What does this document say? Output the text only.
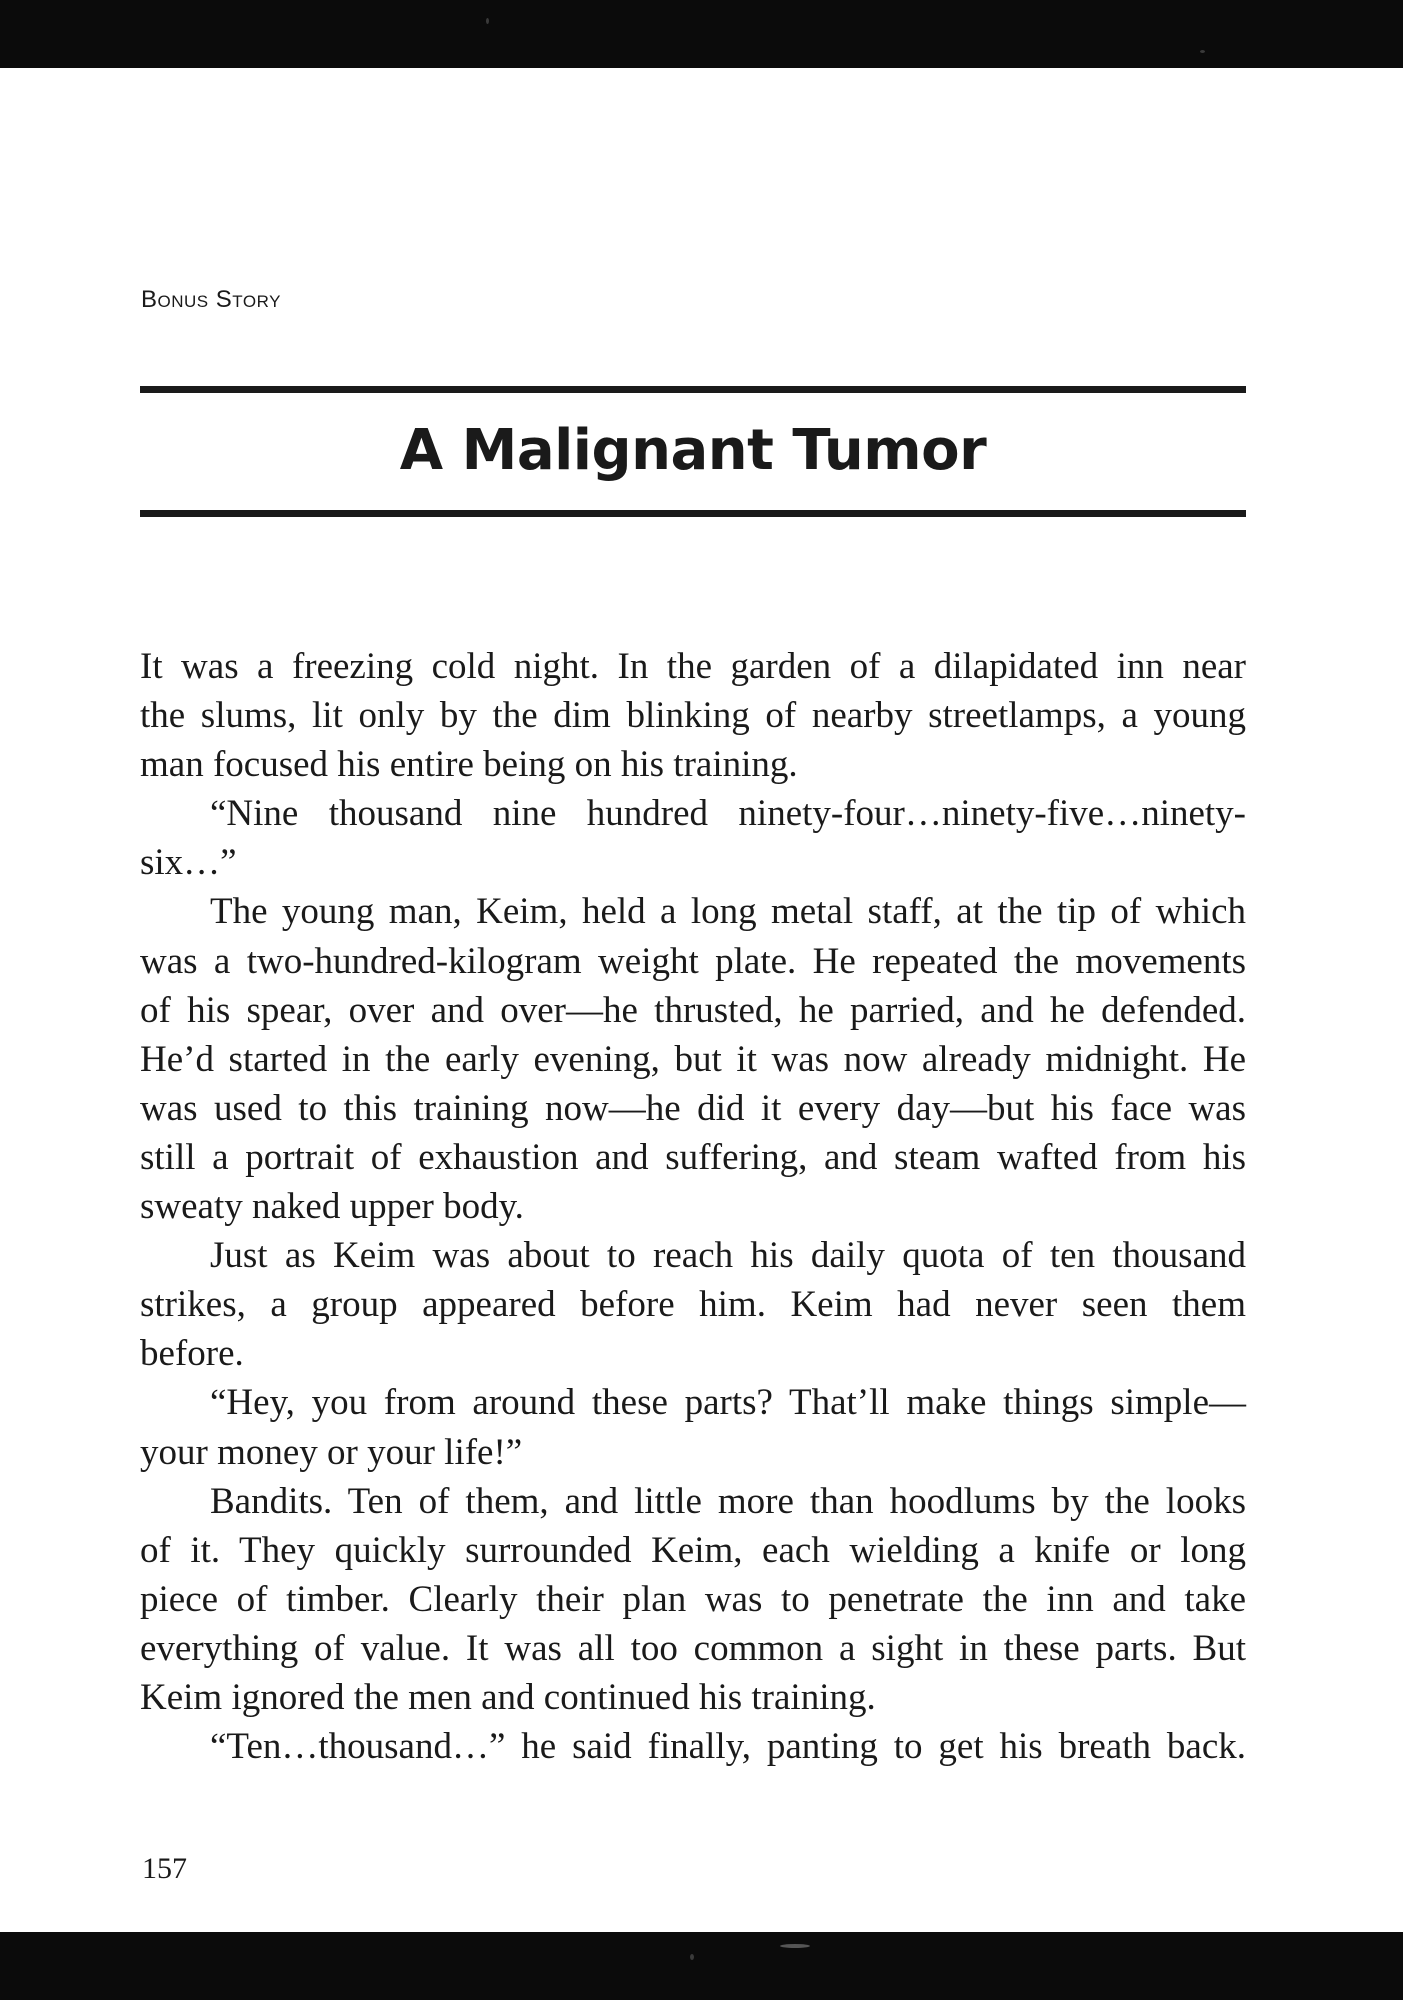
Bonus Story
A Malignant Tumor
It was a freezing cold night. In the garden of a dilapidated inn near
the slums, lit only by the dim blinking of nearby streetlamps, a young
man focused his entire being on his training.
“Nine thousand nine hundred ninety-four…ninety-five…ninety-
six…”
The young man, Keim, held a long metal staff, at the tip of which
was a two-hundred-kilogram weight plate. He repeated the movements
of his spear, over and over—he thrusted, he parried, and he defended.
He’d started in the early evening, but it was now already midnight. He
was used to this training now—he did it every day—but his face was
still a portrait of exhaustion and suffering, and steam wafted from his
sweaty naked upper body.
Just as Keim was about to reach his daily quota of ten thousand
strikes, a group appeared before him. Keim had never seen them
before.
“Hey, you from around these parts? That’ll make things simple—
your money or your life!”
Bandits. Ten of them, and little more than hoodlums by the looks
of it. They quickly surrounded Keim, each wielding a knife or long
piece of timber. Clearly their plan was to penetrate the inn and take
everything of value. It was all too common a sight in these parts. But
Keim ignored the men and continued his training.
“Ten…thousand…” he said finally, panting to get his breath back.
157
